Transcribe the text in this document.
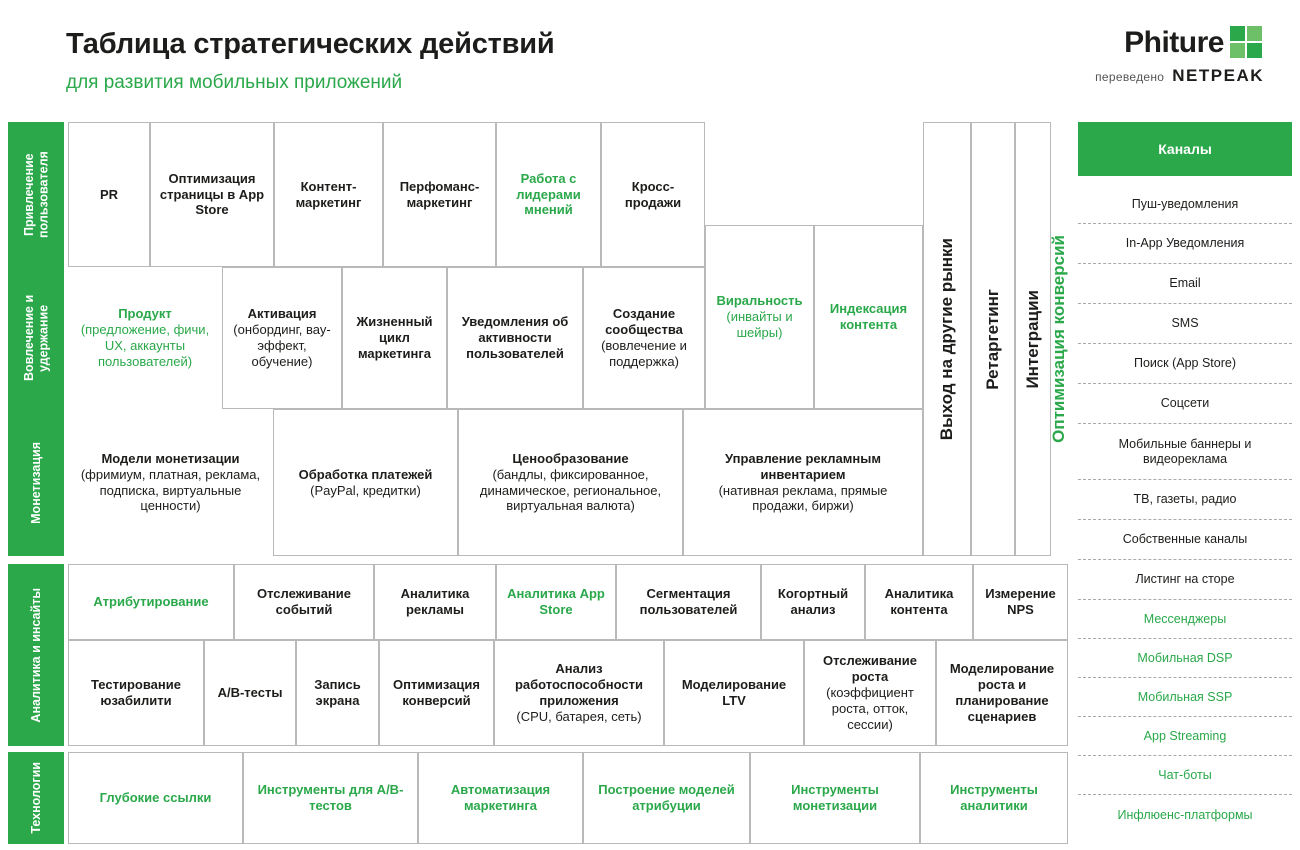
Таблица стратегических действий
для развития мобильных приложений
Phiture
переведено NETPEAK
Привлечение пользователя
Вовлечение и удержание
Монетизация
Аналитика и инсайты
Технологии
PR
Оптимизация страницы в App Store
Контент-маркетинг
Перфоманс-маркетинг
Работа с лидерами мнений
Кросс-продажи
Виральность
(инвайты и шейры)
Индексация контента	Выход на другие рынки Ретаргетинг Интеграции Оптимизация конверсий
Продукт
(предложение, фичи, UX, аккаунты пользователей)
Активация
(онбординг, вау-эффект, обучение)
Жизненный цикл маркетинга
Уведомления об активности пользователей
Создание сообщества
(вовлечение и поддержка)
Модели монетизации
(фримиум, платная, реклама, подписка, виртуальные ценности)
Обработка платежей
(PayPal, кредитки)
Ценообразование
(бандлы, фиксированное, динамическое, региональное, виртуальная валюта)
Управление рекламным инвентарием
(нативная реклама, прямые продажи, биржи)
Атрибутирование
Отслеживание событий
Аналитика рекламы
Аналитика App Store
Сегментация пользователей
Когортный анализ
Аналитика контента
Измерение NPS
Тестирование юзабилити
A/B-тесты
Запись экрана
Оптимизация конверсий
Анализ работоспособности приложения
(CPU, батарея, сеть)
Моделирование LTV
Отслеживание роста
(коэффициент роста, отток, сессии)
Моделирование роста и планирование сценариев
Глубокие ссылки
Инструменты для A/B-тестов
Автоматизация маркетинга
Построение моделей атрибуции
Инструменты монетизации
Инструменты аналитики
Каналы
Пуш-уведомления
In-App Уведомления
Email
SMS
Поиск (App Store)
Соцсети
Мобильные баннеры и видеореклама
ТВ, газеты, радио
Собственные каналы
Листинг на сторе
Мессенджеры
Мобильная DSP
Мобильная SSP
App Streaming
Чат-боты
Инфлюенс-платформы
